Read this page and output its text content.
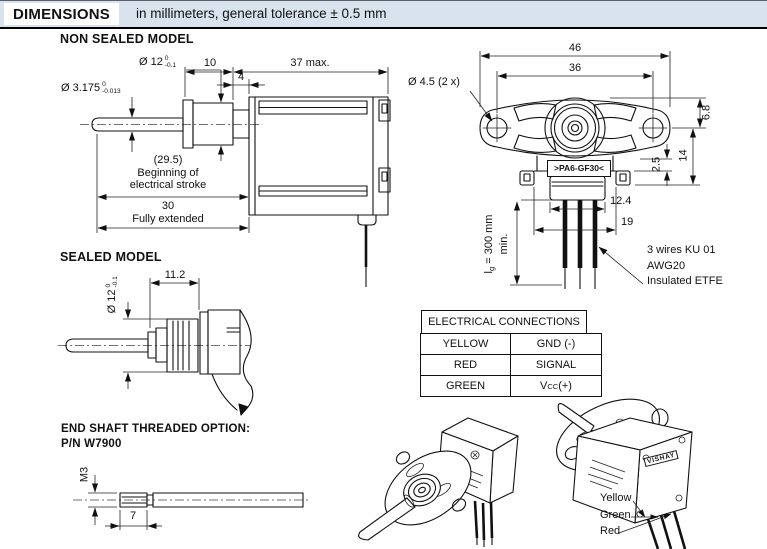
DIMENSIONS	in millimeters, general tolerance ± 0.5 mm
NON SEALED MODEL
Ø 12 0
-0.1
Ø 3.175 0
-0.013
10	37 max.
4
(29.5)
Beginning of
electrical stroke
30
Fully extended
Ø 4.5 (2 x)
46
36
6.8
14
2.5
12.4
19
>PA6-GF30<
$l_g = 300$ mm min.	3 wires KU 01
AWG20
Insulated ETFE
SEALED MODEL
11.2
Ø 12
0 -0.1
ELECTRICAL CONNECTIONS
YELLOW	GND (-)
RED	SIGNAL
GREEN	V CC (+)
END SHAFT THREADED OPTION:
P/N W7900
M3
7
VISHAY
Yellow
Green
Red
